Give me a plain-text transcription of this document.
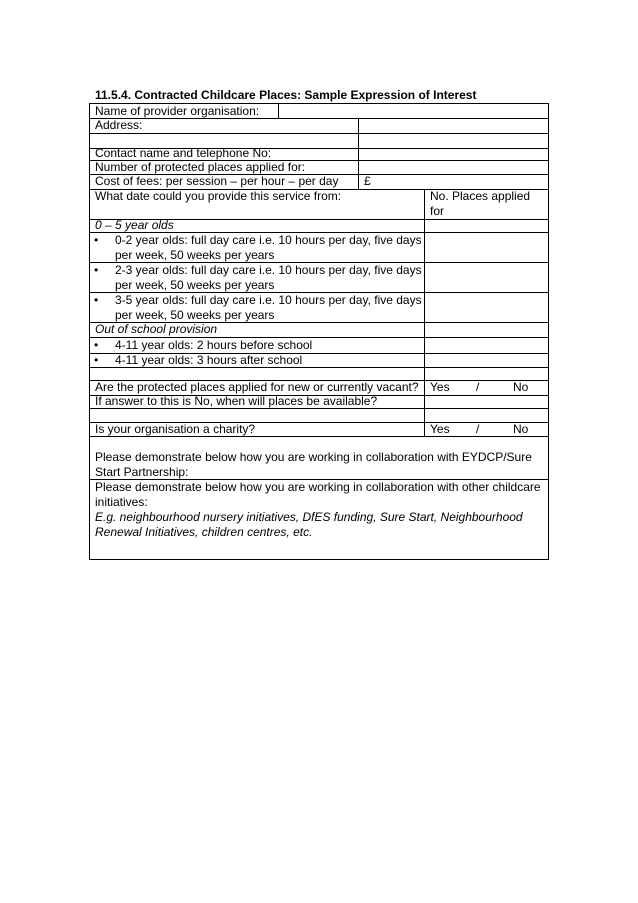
11.5.4. Contracted Childcare Places: Sample Expression of Interest
Name of provider organisation:
Address:
Contact name and telephone No:
Number of protected places applied for:
Cost of fees: per session – per hour – per day	£
What date could you provide this service from:	No. Places applied
for
0 – 5 year olds
• 0-2 year olds: full day care i.e. 10 hours per day, five days
per week, 50 weeks per years
• 2-3 year olds: full day care i.e. 10 hours per day, five days
per week, 50 weeks per years
• 3-5 year olds: full day care i.e. 10 hours per day, five days
per week, 50 weeks per years
Out of school provision
• 4-11 year olds: 2 hours before school
• 4-11 year olds: 3 hours after school
Are the protected places applied for new or currently vacant? Yes /	No
If answer to this is No, when will places be available?
Is your organisation a charity?	Yes /	No
Please demonstrate below how you are working in collaboration with EYDCP/Sure
Start Partnership:
Please demonstrate below how you are working in collaboration with other childcare
initiatives:
E.g. neighbourhood nursery initiatives, DfES funding, Sure Start, Neighbourhood
Renewal Initiatives, children centres, etc.
